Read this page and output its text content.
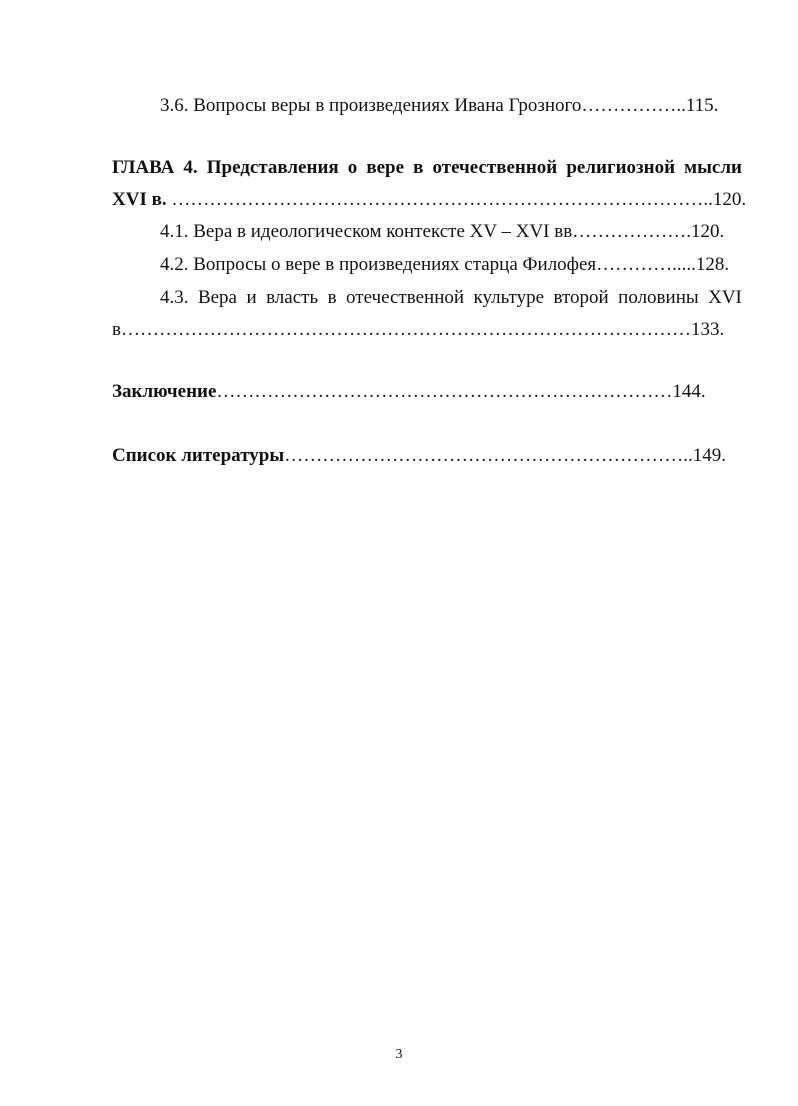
3.6. Вопросы веры в произведениях Ивана Грозного……………..115.
ГЛАВА 4. Представления о вере в отечественной религиозной мысли
XVI в. …………………………………………………………………………..120.
4.1. Вера в идеологическом контексте XV – XVI вв……………….120.
4.2. Вопросы о вере в произведениях старца Филофея………….....128.
4.3. Вера и власть в отечественной культуре второй половины XVI
в………………………………………………………………………………133.
Заключение………………………………………………………………144.
Список литературы………………………………………………………..149.
3
